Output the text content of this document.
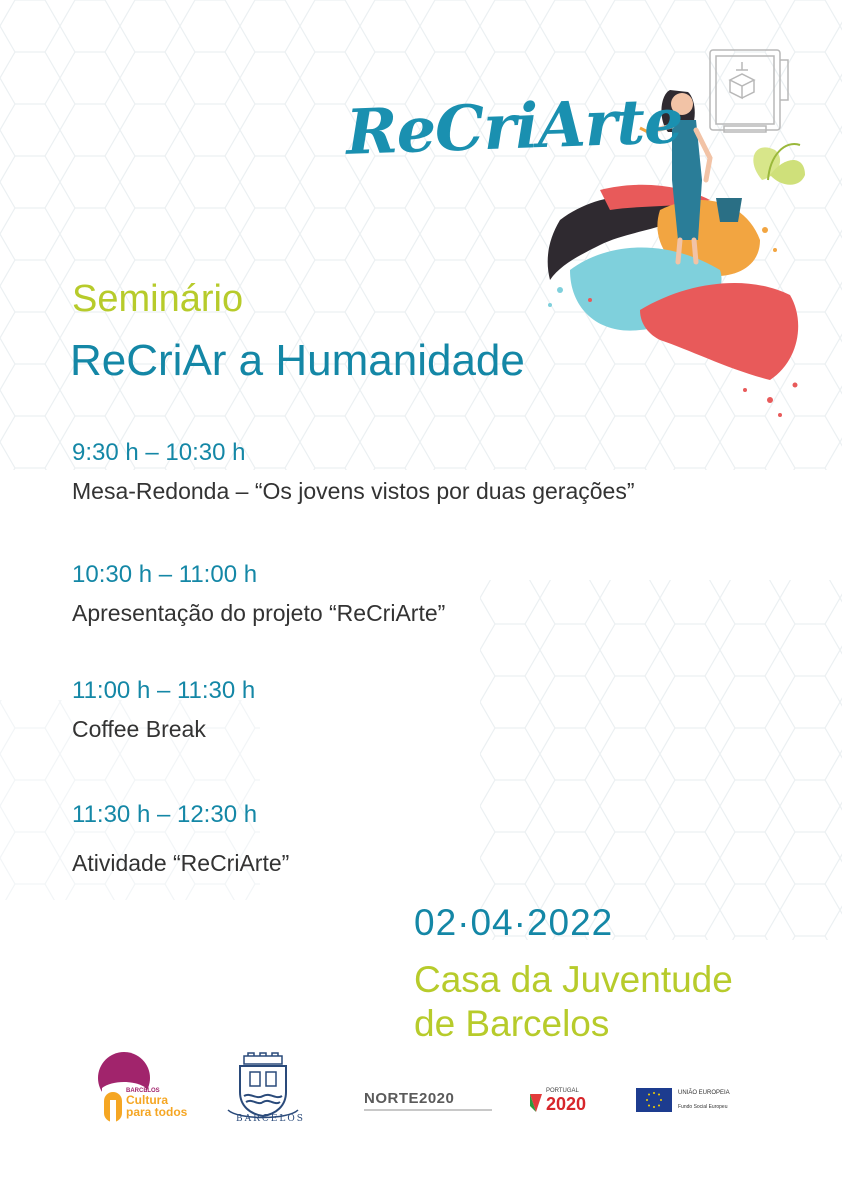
ReCriArte
Seminário
ReCriAr a Humanidade
9:30 h – 10:30 h
Mesa-Redonda – “Os jovens vistos por duas gerações”
10:30 h – 11:00 h
Apresentação do projeto “ReCriArte”
11:00 h – 11:30 h
Coffee Break
11:30 h – 12:30 h
Atividade “ReCriArte”
02·04·2022
Casa da Juventude
de Barcelos
BARCELOS
Cultura
para todos	BARCELOS
NORTE2020	PORTUGAL
2020
UNIÃO EUROPEIA
Fundo Social Europeu
